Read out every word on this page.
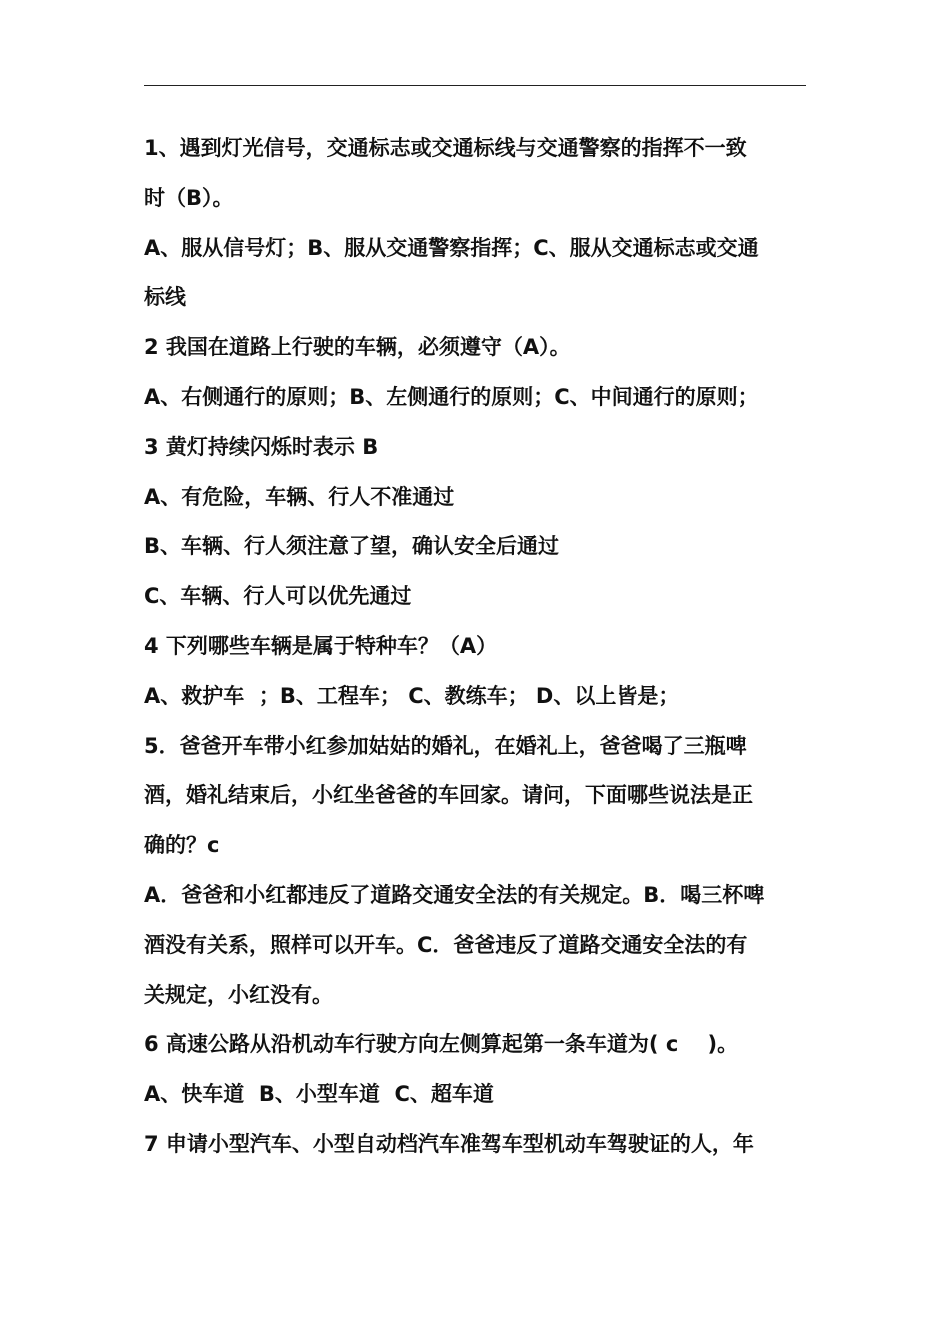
1、遇到灯光信号，交通标志或交通标线与交通警察的指挥不一致
时（B）。
A、服从信号灯；B、服从交通警察指挥；C、服从交通标志或交通
标线
2 我国在道路上行驶的车辆，必须遵守（A）。
A、右侧通行的原则；B、左侧通行的原则；C、中间通行的原则；
3 黄灯持续闪烁时表示 B
A、有危险，车辆、行人不准通过
B、车辆、行人须注意了望，确认安全后通过
C、车辆、行人可以优先通过
4 下列哪些车辆是属于特种车？（A）
A、救护车  ；B、工程车； C、教练车； D、以上皆是；
5．爸爸开车带小红参加姑姑的婚礼，在婚礼上，爸爸喝了三瓶啤
酒，婚礼结束后，小红坐爸爸的车回家。请问，下面哪些说法是正
确的？c
A．爸爸和小红都违反了道路交通安全法的有关规定。B．喝三杯啤
酒没有关系，照样可以开车。C．爸爸违反了道路交通安全法的有
关规定，小红没有。
6 高速公路从沿机动车行驶方向左侧算起第一条车道为( c    )。
A、快车道  B、小型车道  C、超车道
7 申请小型汽车、小型自动档汽车准驾车型机动车驾驶证的人，年
